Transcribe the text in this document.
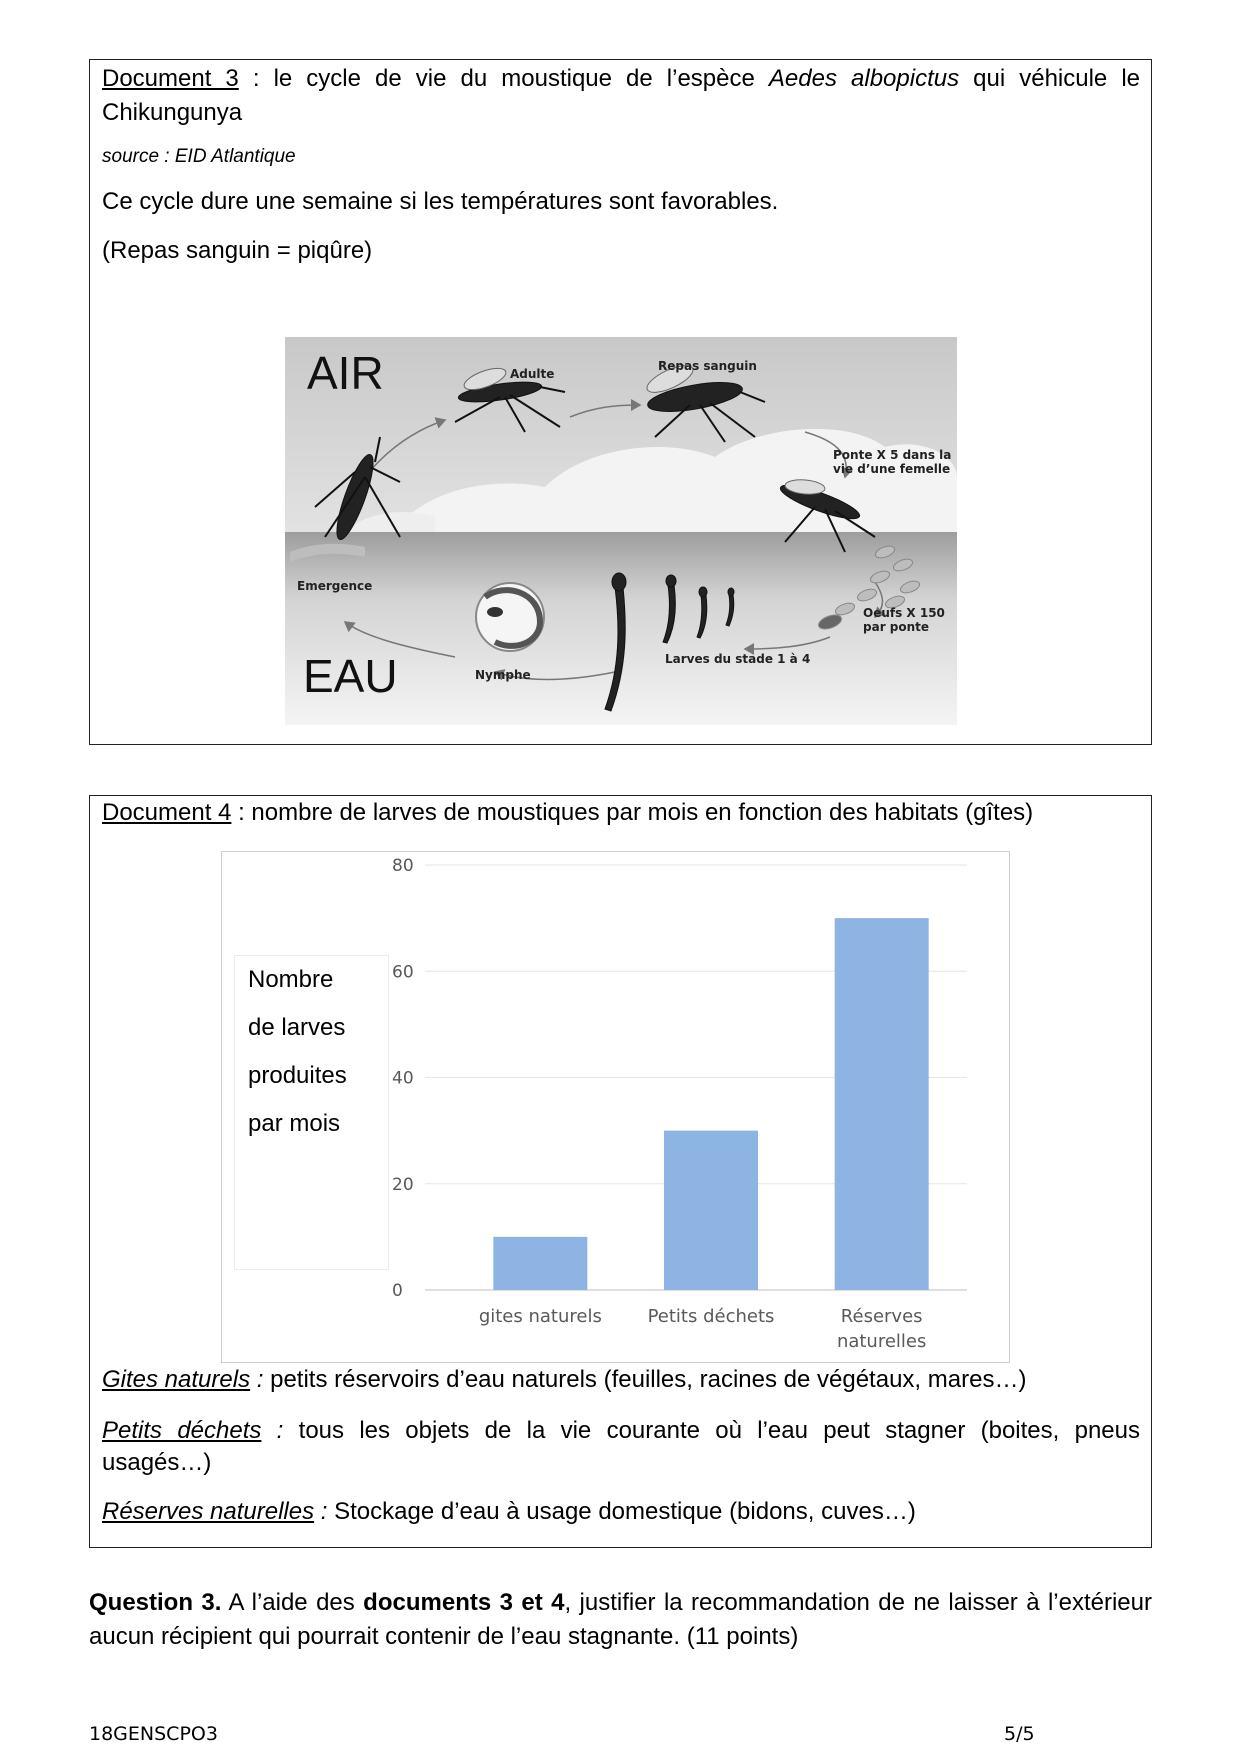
Document 3 : le cycle de vie du moustique de l’espèce Aedes albopictus qui véhicule le
Chikungunya
source : EID Atlantique
Ce cycle dure une semaine si les températures sont favorables.
(Repas sanguin = piqûre)
AIR
EAU
Adulte
Repas sanguin
Ponte X 5 dans la
vie d’une femelle
Oeufs X 150
par ponte
Larves du stade 1 à 4
Nymphe
Emergence
Document 4 : nombre de larves de moustiques par mois en fonction des habitats (gîtes)
Nombre
de larves
produites
par mois
0
20
40
60
80
gites naturels	Petits déchets	Réserves
naturelles
Gites naturels : petits réservoirs d’eau naturels (feuilles, racines de végétaux, mares…)
Petits déchets : tous les objets de la vie courante où l’eau peut stagner (boites, pneus
usagés…)
Réserves naturelles : Stockage d’eau à usage domestique (bidons, cuves…)
Question 3. A l’aide des documents 3 et 4, justifier la recommandation de ne laisser à l’extérieur
aucun récipient qui pourrait contenir de l’eau stagnante. (11 points)
18GENSCPO3	5/5
